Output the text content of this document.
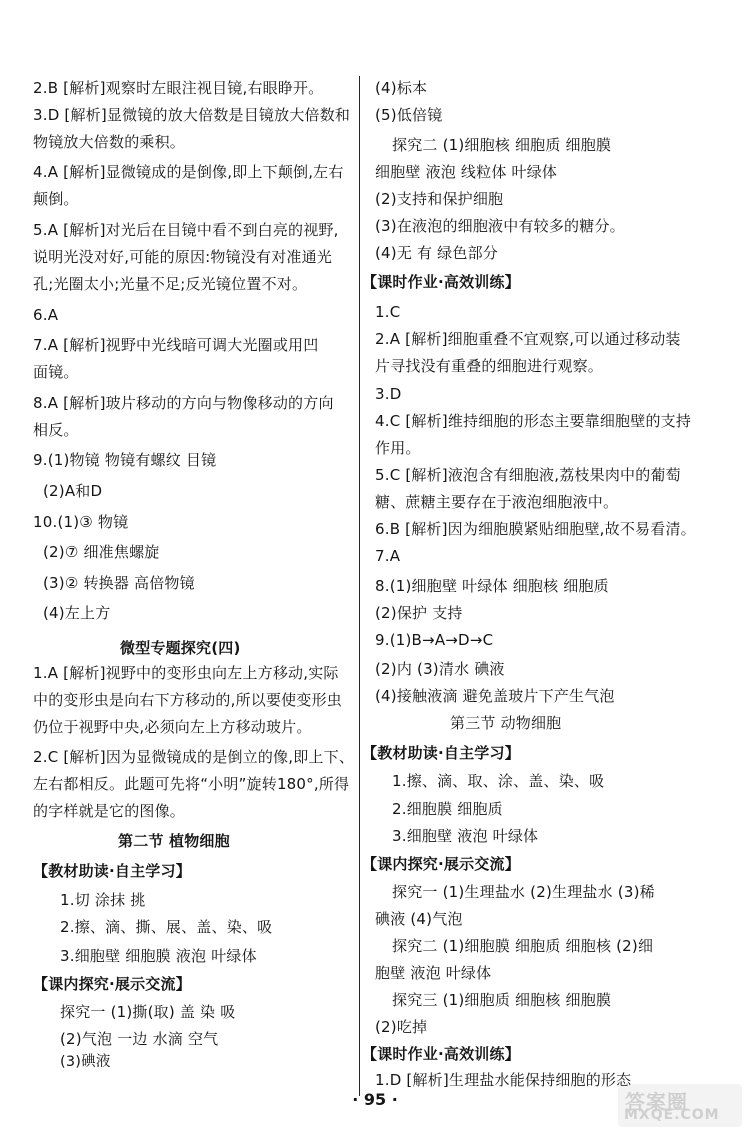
2.B [解析]观察时左眼注视目镜,右眼睁开。
3.D [解析]显微镜的放大倍数是目镜放大倍数和
物镜放大倍数的乘积。
4.A [解析]显微镜成的是倒像,即上下颠倒,左右
颠倒。
5.A [解析]对光后在目镜中看不到白亮的视野,
说明光没对好,可能的原因:物镜没有对准通光
孔;光圈太小;光量不足;反光镜位置不对。
6.A
7.A [解析]视野中光线暗可调大光圈或用凹
面镜。
8.A [解析]玻片移动的方向与物像移动的方向
相反。
9.(1)物镜 物镜有螺纹 目镜
(2)A和D
10.(1)③ 物镜
(2)⑦ 细准焦螺旋
(3)② 转换器 高倍物镜
(4)左上方
微型专题探究(四)
1.A [解析]视野中的变形虫向左上方移动,实际
中的变形虫是向右下方移动的,所以要使变形虫
仍位于视野中央,必须向左上方移动玻片。
2.C [解析]因为显微镜成的是倒立的像,即上下、
左右都相反。此题可先将“小明”旋转180°,所得
的字样就是它的图像。
第二节 植物细胞
【教材助读·自主学习】
1.切 涂抹 挑
2.擦、滴、撕、展、盖、染、吸
3.细胞壁 细胞膜 液泡 叶绿体
【课内探究·展示交流】
探究一 (1)撕(取) 盖 染 吸
(2)气泡 一边 水滴 空气
(3)碘液
(4)标本
(5)低倍镜
探究二 (1)细胞核 细胞质 细胞膜
细胞壁 液泡 线粒体 叶绿体
(2)支持和保护细胞
(3)在液泡的细胞液中有较多的糖分。
(4)无 有 绿色部分
【课时作业·高效训练】
1.C
2.A [解析]细胞重叠不宜观察,可以通过移动装
片寻找没有重叠的细胞进行观察。
3.D
4.C [解析]维持细胞的形态主要靠细胞壁的支持
作用。
5.C [解析]液泡含有细胞液,荔枝果肉中的葡萄
糖、蔗糖主要存在于液泡细胞液中。
6.B [解析]因为细胞膜紧贴细胞壁,故不易看清。
7.A
8.(1)细胞壁 叶绿体 细胞核 细胞质
(2)保护 支持
9.(1)B→A→D→C
(2)内 (3)清水 碘液
(4)接触液滴 避免盖玻片下产生气泡
第三节 动物细胞
【教材助读·自主学习】
1.擦、滴、取、涂、盖、染、吸
2.细胞膜 细胞质
3.细胞壁 液泡 叶绿体
【课内探究·展示交流】
探究一 (1)生理盐水 (2)生理盐水 (3)稀
碘液 (4)气泡
探究二 (1)细胞膜 细胞质 细胞核 (2)细
胞壁 液泡 叶绿体
探究三 (1)细胞质 细胞核 细胞膜
(2)吃掉
【课时作业·高效训练】
1.D [解析]生理盐水能保持细胞的形态
· 95 ·	答案圈
MXQE.COM
